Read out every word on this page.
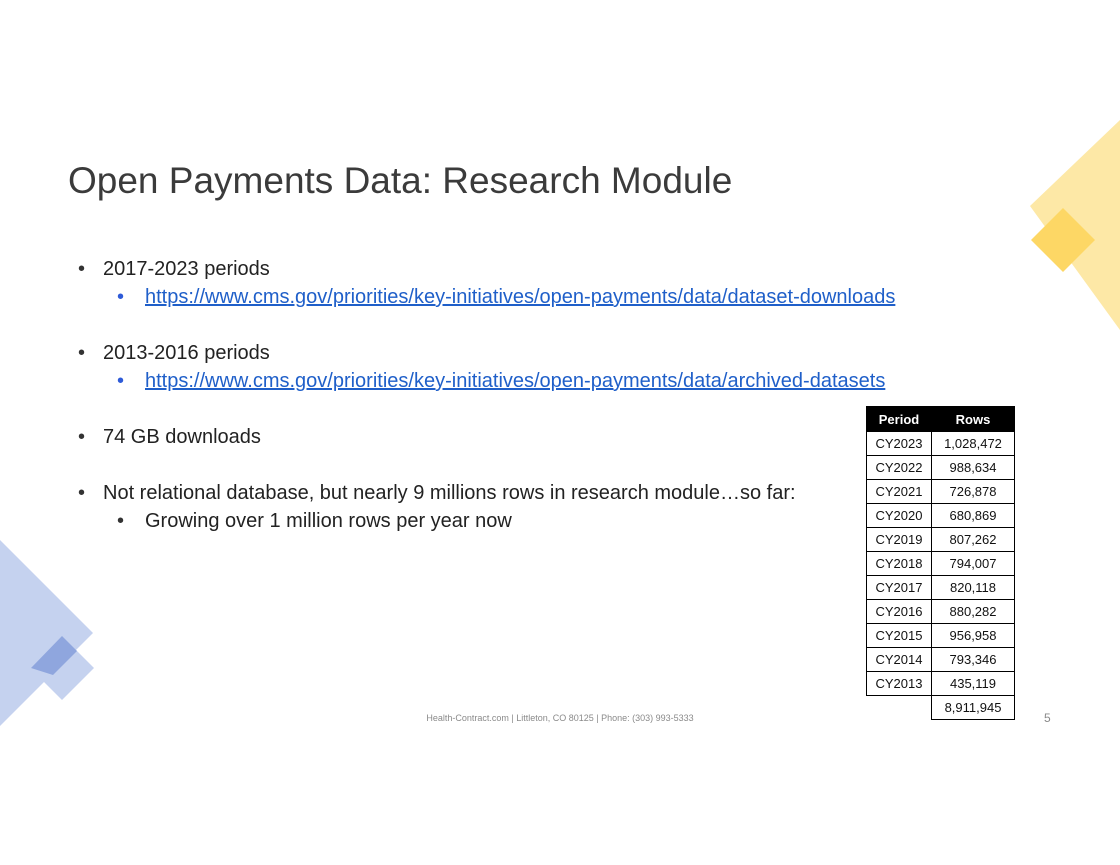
Open Payments Data: Research Module
• 2017-2023 periods
• https://www.cms.gov/priorities/key-initiatives/open-payments/data/dataset-downloads
• 2013-2016 periods
• https://www.cms.gov/priorities/key-initiatives/open-payments/data/archived-datasets
• 74 GB downloads
• Not relational database, but nearly 9 millions rows in research module…so far:
• Growing over 1 million rows per year now
Period	Rows
CY2023	1,028,472
CY2022	988,634
CY2021	726,878
CY2020	680,869
CY2019	807,262
CY2018	794,007
CY2017	820,118
CY2016	880,282
CY2015	956,958
CY2014	793,346
CY2013	435,119
	8,911,945
Health-Contract.com | Littleton, CO 80125 | Phone: (303) 993-5333	5
